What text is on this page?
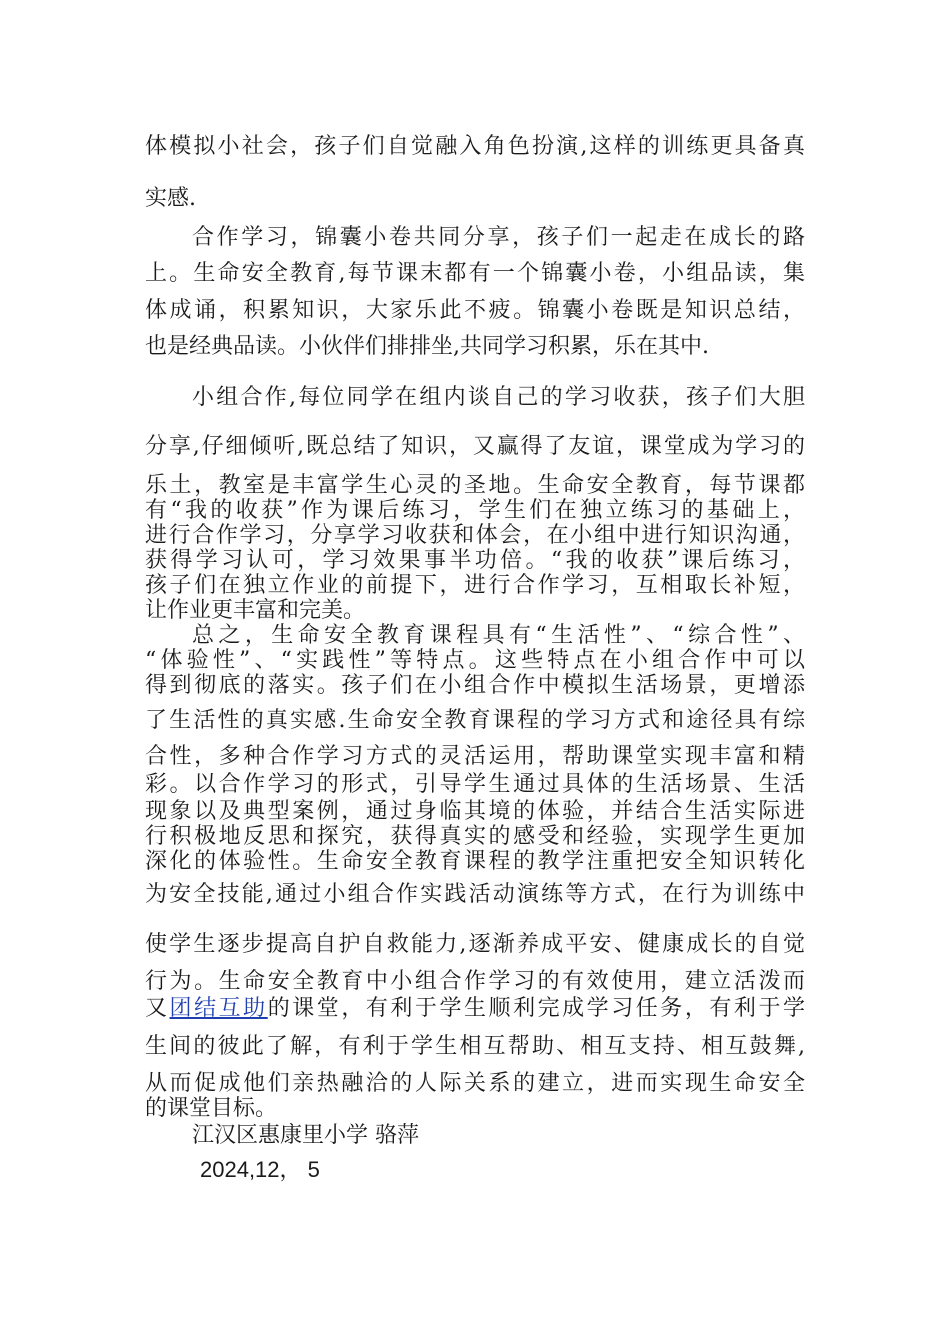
体模拟小社会，孩子们自觉融入角色扮演,这样的训练更具备真
实感.
合作学习，锦囊小卷共同分享，孩子们一起走在成长的路
上。生命安全教育,每节课末都有一个锦囊小卷，小组品读，集
体成诵，积累知识，大家乐此不疲。锦囊小卷既是知识总结，
也是经典品读。小伙伴们排排坐,共同学习积累，乐在其中.
小组合作,每位同学在组内谈自己的学习收获，孩子们大胆
分享,仔细倾听,既总结了知识，又赢得了友谊，课堂成为学习的
乐土，教室是丰富学生心灵的圣地。生命安全教育，每节课都
有“我的收获”作为课后练习，学生们在独立练习的基础上，
进行合作学习，分享学习收获和体会，在小组中进行知识沟通，
获得学习认可，学习效果事半功倍。“我的收获”课后练习，
孩子们在独立作业的前提下，进行合作学习，互相取长补短，
让作业更丰富和完美。
总之，生命安全教育课程具有“生活性”、“综合性”、
“体验性”、“实践性”等特点。这些特点在小组合作中可以
得到彻底的落实。孩子们在小组合作中模拟生活场景，更增添
了生活性的真实感.生命安全教育课程的学习方式和途径具有综
合性，多种合作学习方式的灵活运用，帮助课堂实现丰富和精
彩。以合作学习的形式，引导学生通过具体的生活场景、生活
现象以及典型案例，通过身临其境的体验，并结合生活实际进
行积极地反思和探究，获得真实的感受和经验，实现学生更加
深化的体验性。生命安全教育课程的教学注重把安全知识转化
为安全技能,通过小组合作实践活动演练等方式，在行为训练中
使学生逐步提高自护自救能力,逐渐养成平安、健康成长的自觉
行为。生命安全教育中小组合作学习的有效使用，建立活泼而
又团结互助的课堂，有利于学生顺利完成学习任务，有利于学
生间的彼此了解，有利于学生相互帮助、相互支持、相互鼓舞,
从而促成他们亲热融洽的人际关系的建立，进而实现生命安全
的课堂目标。
江汉区惠康里小学 骆萍
2024,12， 5
